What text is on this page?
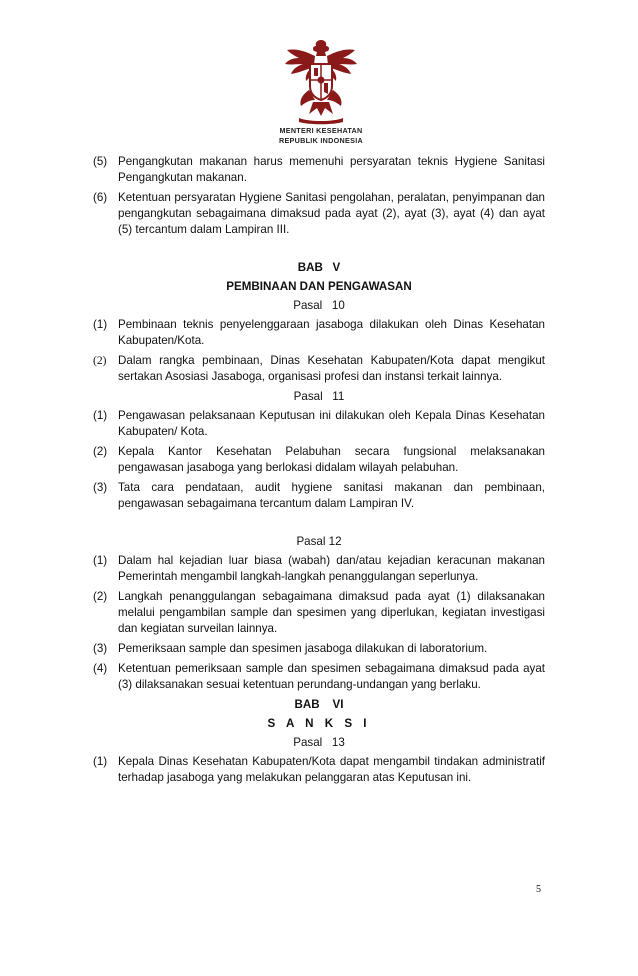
MENTERI KESEHATAN
REPUBLIK INDONESIA
(5) Pengangkutan makanan harus memenuhi persyaratan teknis Hygiene Sanitasi Pengangkutan makanan.
(6) Ketentuan persyaratan Hygiene Sanitasi pengolahan, peralatan, penyimpanan dan pengangkutan sebagaimana dimaksud pada ayat (2), ayat (3), ayat (4) dan ayat (5) tercantum dalam Lampiran III.
BAB   V
PEMBINAAN DAN PENGAWASAN
Pasal   10
(1) Pembinaan teknis penyelenggaraan jasaboga dilakukan oleh Dinas Kesehatan Kabupaten/Kota.
(2) Dalam rangka pembinaan, Dinas Kesehatan Kabupaten/Kota dapat mengikut sertakan Asosiasi Jasaboga, organisasi profesi dan instansi terkait lainnya.
Pasal   11
(1) Pengawasan pelaksanaan Keputusan ini dilakukan oleh Kepala Dinas Kesehatan Kabupaten/ Kota.
(2) Kepala Kantor Kesehatan Pelabuhan secara fungsional melaksanakan pengawasan jasaboga yang berlokasi didalam wilayah pelabuhan.
(3) Tata cara pendataan, audit hygiene sanitasi makanan dan pembinaan, pengawasan sebagaimana tercantum dalam Lampiran IV.
Pasal 12
(1) Dalam hal kejadian luar biasa (wabah) dan/atau kejadian keracunan makanan Pemerintah mengambil langkah-langkah penanggulangan seperlunya.
(2) Langkah penanggulangan sebagaimana dimaksud pada ayat (1) dilaksanakan melalui pengambilan sample dan spesimen yang diperlukan, kegiatan investigasi dan kegiatan surveilan lainnya.
(3) Pemeriksaan sample dan spesimen jasaboga dilakukan di laboratorium.
(4) Ketentuan pemeriksaan sample dan spesimen sebagaimana dimaksud pada ayat (3) dilaksanakan sesuai ketentuan perundang-undangan yang berlaku.
BAB    VI
S A N K S I
Pasal   13
(1) Kepala Dinas Kesehatan Kabupaten/Kota dapat mengambil tindakan administratif  terhadap jasaboga yang melakukan pelanggaran atas Keputusan ini.
5
